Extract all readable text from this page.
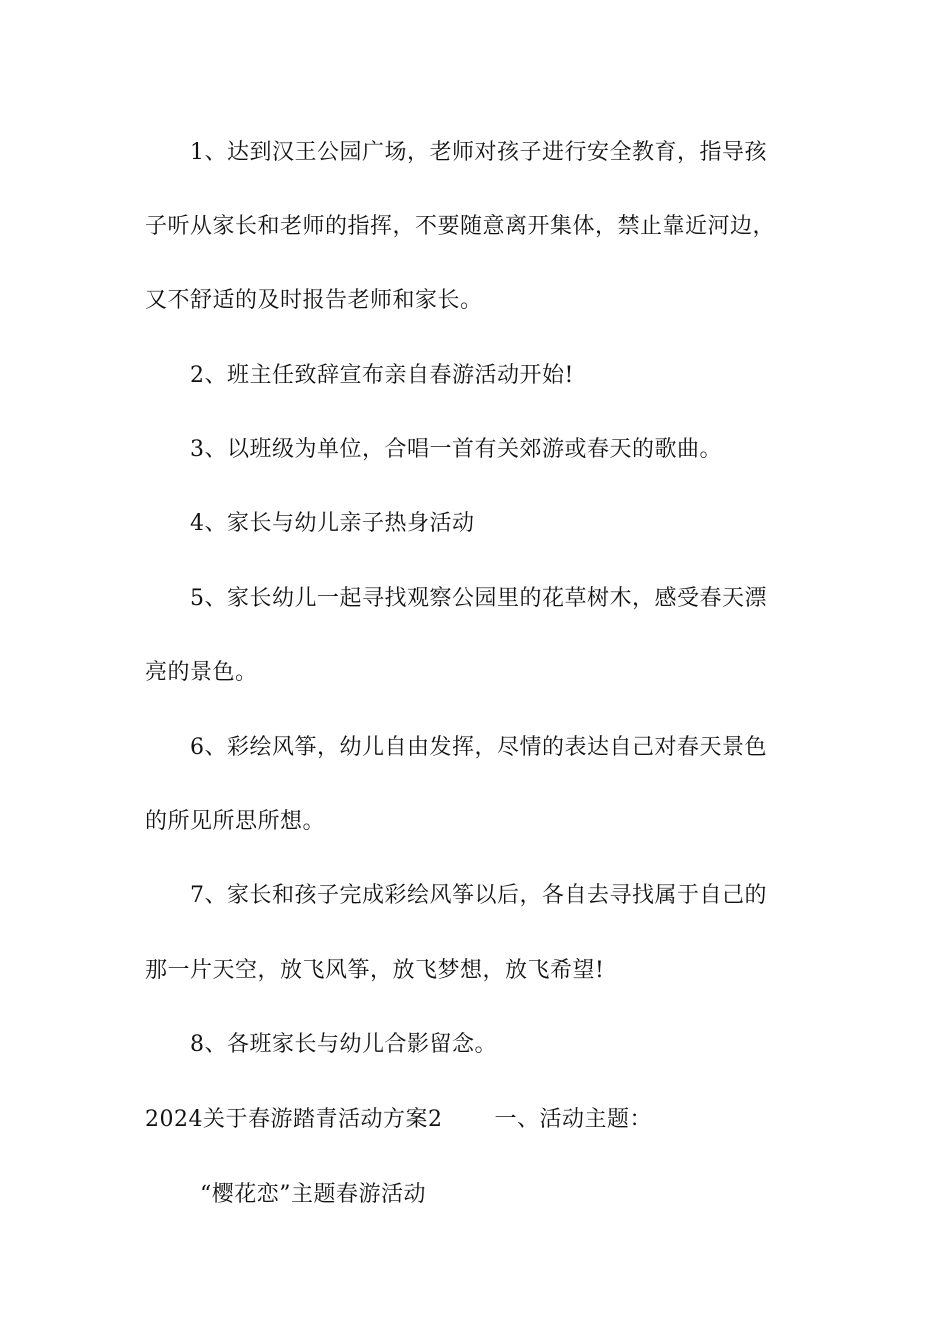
1、达到汉王公园广场，老师对孩子进行安全教育，指导孩
子听从家长和老师的指挥，不要随意离开集体，禁止靠近河边，
又不舒适的及时报告老师和家长。
2、班主任致辞宣布亲自春游活动开始!
3、以班级为单位，合唱一首有关郊游或春天的歌曲。
4、家长与幼儿亲子热身活动
5、家长幼儿一起寻找观察公园里的花草树木，感受春天漂
亮的景色。
6、彩绘风筝，幼儿自由发挥，尽情的表达自己对春天景色
的所见所思所想。
7、家长和孩子完成彩绘风筝以后，各自去寻找属于自己的
那一片天空，放飞风筝，放飞梦想，放飞希望!
8、各班家长与幼儿合影留念。
2024关于春游踏青活动方案2 一、活动主题：
“樱花恋”主题春游活动
